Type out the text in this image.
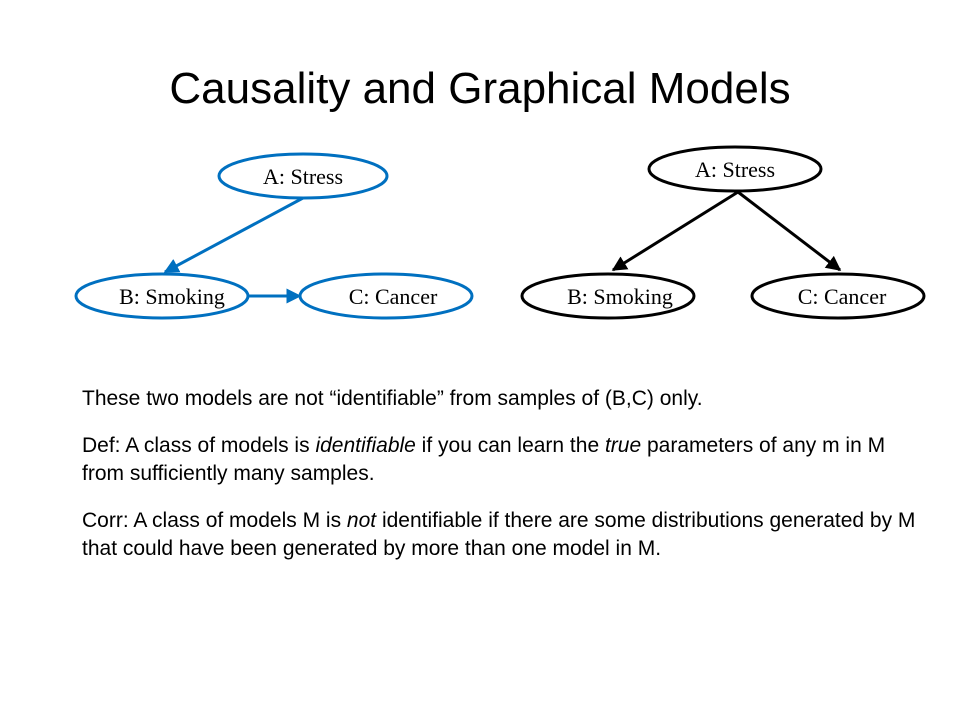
Causality and Graphical Models
A: Stress
B: Smoking	C: Cancer
A: Stress
B: Smoking	C: Cancer

These two models are not “identifiable” from samples of (B,C) only.

Def: A class of models is identifiable if you can learn the true parameters of any m in M from sufficiently many samples.

Corr: A class of models M is not identifiable if there are some distributions generated by M that could have been generated by more than one model in M.
